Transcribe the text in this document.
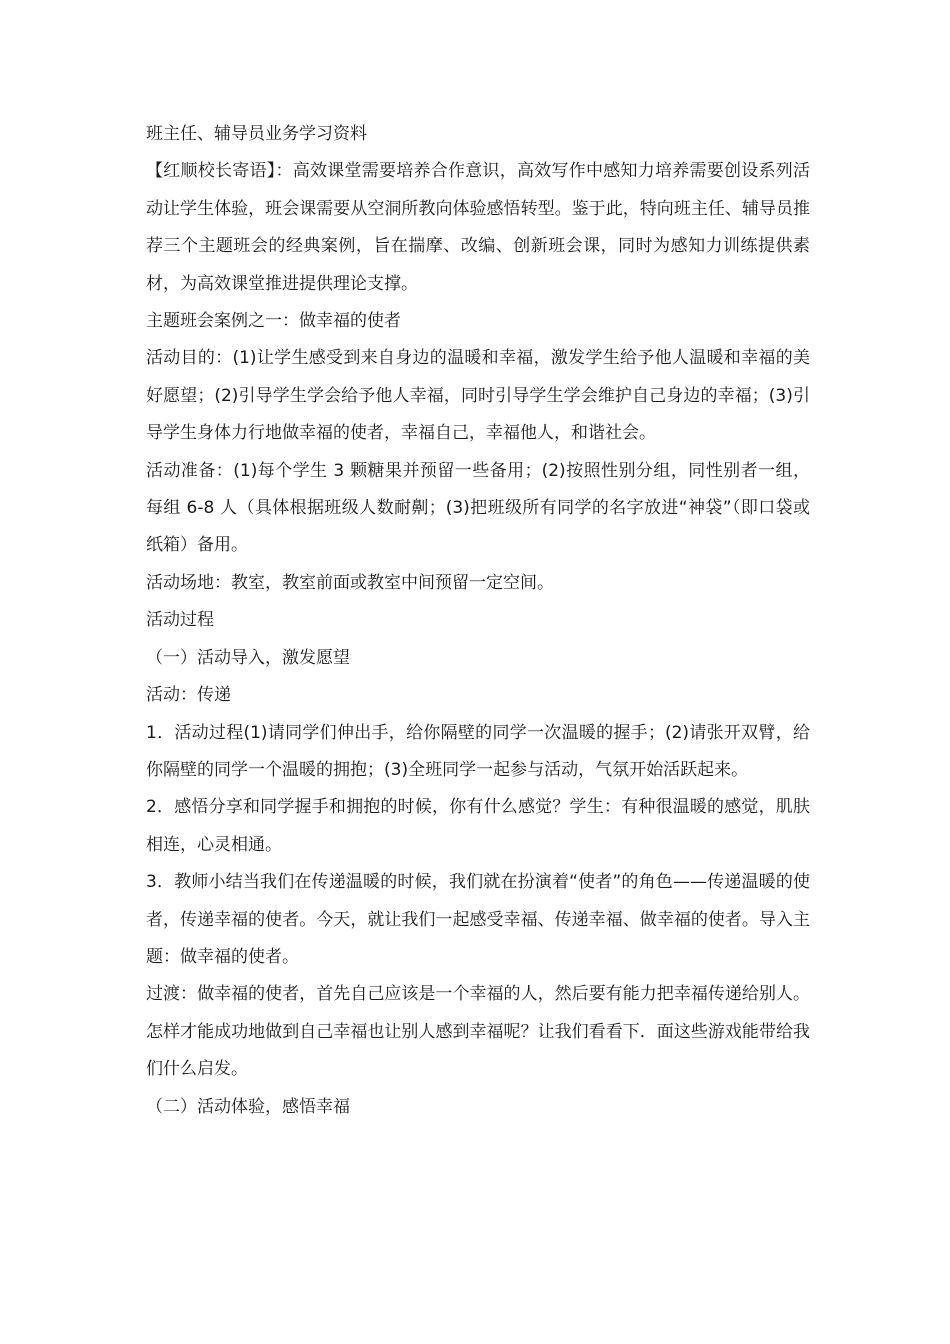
班主任、辅导员业务学习资料

【红顺校长寄语】：高效课堂需要培养合作意识，高效写作中感知力培养需要创设系列活动让学生体验，班会课需要从空洞所教向体验感悟转型。鉴于此，特向班主任、辅导员推荐三个主题班会的经典案例，旨在揣摩、改编、创新班会课，同时为感知力训练提供素材，为高效课堂推进提供理论支撑。

主题班会案例之一：做幸福的使者

活动目的：(1)让学生感受到来自身边的温暖和幸福，激发学生给予他人温暖和幸福的美好愿望；(2)引导学生学会给予他人幸福，同时引导学生学会维护自己身边的幸福；(3)引导学生身体力行地做幸福的使者，幸福自己，幸福他人，和谐社会。

活动准备：(1)每个学生 3 颗糖果并预留一些备用；(2)按照性别分组，同性别者一组，每组 6-8 人（具体根据班级人数耐劓；(3)把班级所有同学的名字放进“神袋”（即口袋或纸箱）备用。

活动场地：教室，教室前面或教室中间预留一定空间。

活动过程

（一）活动导入，激发愿望

活动：传递

1．活动过程(1)请同学们伸出手，给你隔壁的同学一次温暖的握手；(2)请张开双臂，给你隔壁的同学一个温暖的拥抱；(3)全班同学一起参与活动，气氛开始活跃起来。

2．感悟分享和同学握手和拥抱的时候，你有什么感觉？学生：有种很温暖的感觉，肌肤相连，心灵相通。

3．教师小结当我们在传递温暖的时候，我们就在扮演着“使者”的角色——传递温暖的使者，传递幸福的使者。今天，就让我们一起感受幸福、传递幸福、做幸福的使者。导入主题：做幸福的使者。

过渡：做幸福的使者，首先自己应该是一个幸福的人，然后要有能力把幸福传递给别人。怎样才能成功地做到自己幸福也让别人感到幸福呢？让我们看看下．面这些游戏能带给我们什么启发。

（二）活动体验，感悟幸福
